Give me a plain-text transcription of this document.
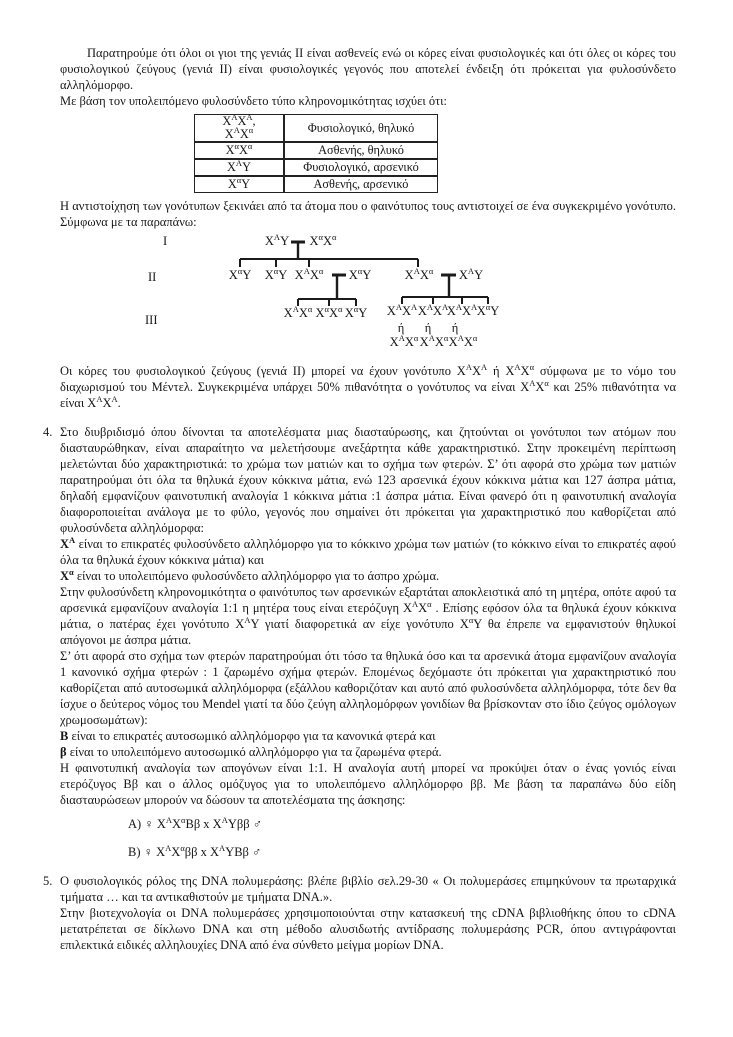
Παρατηρούμε ότι όλοι οι γιοι της γενιάς ΙΙ είναι ασθενείς ενώ οι κόρες είναι φυσιολογικές και ότι όλες οι κόρες του φυσιολογικού ζεύγους (γενιά ΙΙ) είναι φυσιολογικές γεγονός που αποτελεί ένδειξη ότι πρόκειται για φυλοσύνδετο αλληλόμορφο.

Με βάση τον υπολειπόμενο φυλοσύνδετο τύπο κληρονομικότητας ισχύει ότι:

$X^AX^A$,
$X^AX^\alpha$	Φυσιολογικό, θηλυκό
$X^\alpha X^\alpha$	Ασθενής, θηλυκό
$X^AY$	Φυσιολογικό, αρσενικό
$X^\alpha Y$	Ασθενής, αρσενικό

Η αντιστοίχηση των γονότυπων ξεκινάει από τα άτομα που ο φαινότυπος τους αντιστοιχεί σε ένα συγκεκριμένο γονότυπο. Σύμφωνα με τα παραπάνω:

I
II
III
$X^AY$ $X^\alpha X^\alpha$
$X^\alpha Y$ $X^\alpha Y$ $X^AX^\alpha$ $X^\alpha Y$	$X^AX^\alpha$ $X^AY$
$X^AX^\alpha$ $X^\alpha X^\alpha$ $X^\alpha Y$ $X^AX^A$ $X^AX^A$
$X^AX^A$ $X^\alpha Y$
ή ή ή
$X^AX^\alpha$ $X^AX^\alpha$ $X^AX^\alpha$

Οι κόρες του φυσιολογικού ζεύγους (γενιά ΙΙ) μπορεί να έχουν γονότυπο $X^AX^A$ ή $X^AX^\alpha$ σύμφωνα με το νόμο του διαχωρισμού του Μέντελ. Συγκεκριμένα υπάρχει 50% πιθανότητα ο γονότυπος να είναι $X^AX^\alpha$ και 25% πιθανότητα να είναι $X^AX^A$.

4. Στο διυβριδισμό όπου δίνονται τα αποτελέσματα μιας διασταύρωσης, και ζητούνται οι γονότυποι των ατόμων που διασταυρώθηκαν, είναι απαραίτητο να μελετήσουμε ανεξάρτητα κάθε χαρακτηριστικό. Στην προκειμένη περίπτωση μελετώνται δύο χαρακτηριστικά: το χρώμα των ματιών και το σχήμα των φτερών. Σ’ ότι αφορά στο χρώμα των ματιών παρατηρούμαι ότι όλα τα θηλυκά έχουν κόκκινα μάτια, ενώ 123 αρσενικά έχουν κόκκινα μάτια και 127 άσπρα μάτια, δηλαδή εμφανίζουν φαινοτυπική αναλογία 1 κόκκινα μάτια :1 άσπρα μάτια. Είναι φανερό ότι η φαινοτυπική αναλογία διαφοροποιείται ανάλογα με το φύλο, γεγονός που σημαίνει ότι πρόκειται για χαρακτηριστικό που καθορίζεται από φυλοσύνδετα αλληλόμορφα:

$X^A$ είναι το επικρατές φυλοσύνδετο αλληλόμορφο για το κόκκινο χρώμα των ματιών (το κόκκινο είναι το επικρατές αφού όλα τα θηλυκά έχουν κόκκινα μάτια) και

$X^\alpha$ είναι το υπολειπόμενο φυλοσύνδετο αλληλόμορφο για το άσπρο χρώμα.

Στην φυλοσύνδετη κληρονομικότητα ο φαινότυπος των αρσενικών εξαρτάται αποκλειστικά από τη μητέρα, οπότε αφού τα αρσενικά εμφανίζουν αναλογία 1:1 η μητέρα τους είναι ετερόζυγη $X^AX^\alpha$ . Επίσης εφόσον όλα τα θηλυκά έχουν κόκκινα μάτια, ο πατέρας έχει γονότυπο $X^AY$ γιατί διαφορετικά αν είχε γονότυπο $X^\alpha Y$ θα έπρεπε να εμφανιστούν θηλυκοί απόγονοι με άσπρα μάτια.

Σ’ ότι αφορά στο σχήμα των φτερών παρατηρούμαι ότι τόσο τα θηλυκά όσο και τα αρσενικά άτομα εμφανίζουν αναλογία 1 κανονικό σχήμα φτερών : 1 ζαρωμένο σχήμα φτερών. Επομένως δεχόμαστε ότι πρόκειται για χαρακτηριστικό που καθορίζεται από αυτοσωμικά αλληλόμορφα (εξάλλου καθοριζόταν και αυτό από φυλοσύνδετα αλληλόμορφα, τότε δεν θα ίσχυε ο δεύτερος νόμος του Mendel γιατί τα δύο ζεύγη αλληλομόρφων γονιδίων θα βρίσκονταν στο ίδιο ζεύγος ομόλογων χρωμοσωμάτων):

Β είναι το επικρατές αυτοσωμικό αλληλόμορφο για τα κανονικά φτερά και

β είναι το υπολειπόμενο αυτοσωμικό αλληλόμορφο για τα ζαρωμένα φτερά.

Η φαινοτυπική αναλογία των απογόνων είναι 1:1. Η αναλογία αυτή μπορεί να προκύψει όταν ο ένας γονιός είναι ετερόζυγος Ββ και ο άλλος ομόζυγος για το υπολειπόμενο αλληλόμορφο ββ. Με βάση τα παραπάνω δύο είδη διασταυρώσεων μπορούν να δώσουν τα αποτελέσματα της άσκησης:

A) ♀ $X^AX^\alpha B\beta$ x $X^AY\beta\beta$ ♂

B) ♀ $X^AX^\alpha\beta\beta$ x $X^AYB\beta$ ♂

5. Ο φυσιολογικός ρόλος της DNA πολυμεράσης: βλέπε βιβλίο σελ.29-30 « Οι πολυμεράσες επιμηκύνουν τα πρωταρχικά τμήματα … και τα αντικαθιστούν με τμήματα DNA.».

Στην βιοτεχνολογία οι DNA πολυμεράσες χρησιμοποιούνται στην κατασκευή της cDNA βιβλιοθήκης όπου το cDNA μετατρέπεται σε δίκλωνο DNA και στη μέθοδο αλυσιδωτής αντίδρασης πολυμεράσης PCR, όπου αντιγράφονται επιλεκτικά ειδικές αλληλουχίες DNA από ένα σύνθετο μείγμα μορίων DNA.
